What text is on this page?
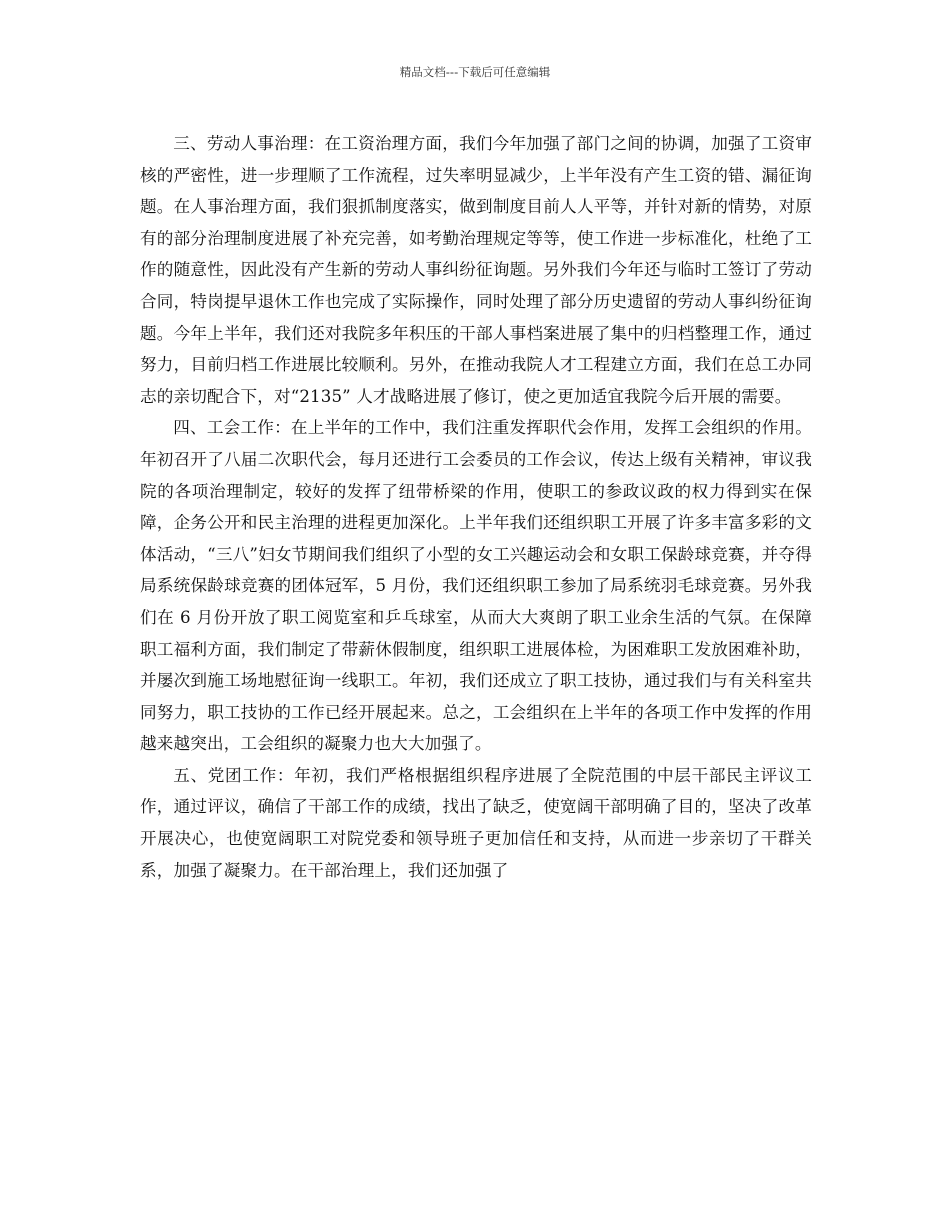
精品文档---下载后可任意编辑

三、劳动人事治理：在工资治理方面，我们今年加强了部门之间的协调，加强了工资审核的严密性，进一步理顺了工作流程，过失率明显减少，上半年没有产生工资的错、漏征询题。在人事治理方面，我们狠抓制度落实，做到制度目前人人平等，并针对新的情势，对原有的部分治理制度进展了补充完善，如考勤治理规定等等，使工作进一步标准化，杜绝了工作的随意性，因此没有产生新的劳动人事纠纷征询题。另外我们今年还与临时工签订了劳动合同，特岗提早退休工作也完成了实际操作，同时处理了部分历史遗留的劳动人事纠纷征询题。今年上半年，我们还对我院多年积压的干部人事档案进展了集中的归档整理工作，通过努力，目前归档工作进展比较顺利。另外，在推动我院人才工程建立方面，我们在总工办同志的亲切配合下，对“2135” 人才战略进展了修订，使之更加适宜我院今后开展的需要。

四、工会工作：在上半年的工作中，我们注重发挥职代会作用，发挥工会组织的作用。年初召开了八届二次职代会，每月还进行工会委员的工作会议，传达上级有关精神，审议我院的各项治理制定，较好的发挥了纽带桥梁的作用，使职工的参政议政的权力得到实在保障，企务公开和民主治理的进程更加深化。上半年我们还组织职工开展了许多丰富多彩的文体活动，“三八”妇女节期间我们组织了小型的女工兴趣运动会和女职工保龄球竞赛，并夺得局系统保龄球竞赛的团体冠军，5 月份，我们还组织职工参加了局系统羽毛球竞赛。另外我们在 6 月份开放了职工阅览室和乒乓球室，从而大大爽朗了职工业余生活的气氛。在保障职工福利方面，我们制定了带薪休假制度，组织职工进展体检，为困难职工发放困难补助，并屡次到施工场地慰征询一线职工。年初，我们还成立了职工技协，通过我们与有关科室共同努力，职工技协的工作已经开展起来。总之，工会组织在上半年的各项工作中发挥的作用越来越突出，工会组织的凝聚力也大大加强了。

五、党团工作：年初，我们严格根据组织程序进展了全院范围的中层干部民主评议工作，通过评议，确信了干部工作的成绩，找出了缺乏，使宽阔干部明确了目的，坚决了改革开展决心，也使宽阔职工对院党委和领导班子更加信任和支持，从而进一步亲切了干群关系，加强了凝聚力。在干部治理上，我们还加强了
